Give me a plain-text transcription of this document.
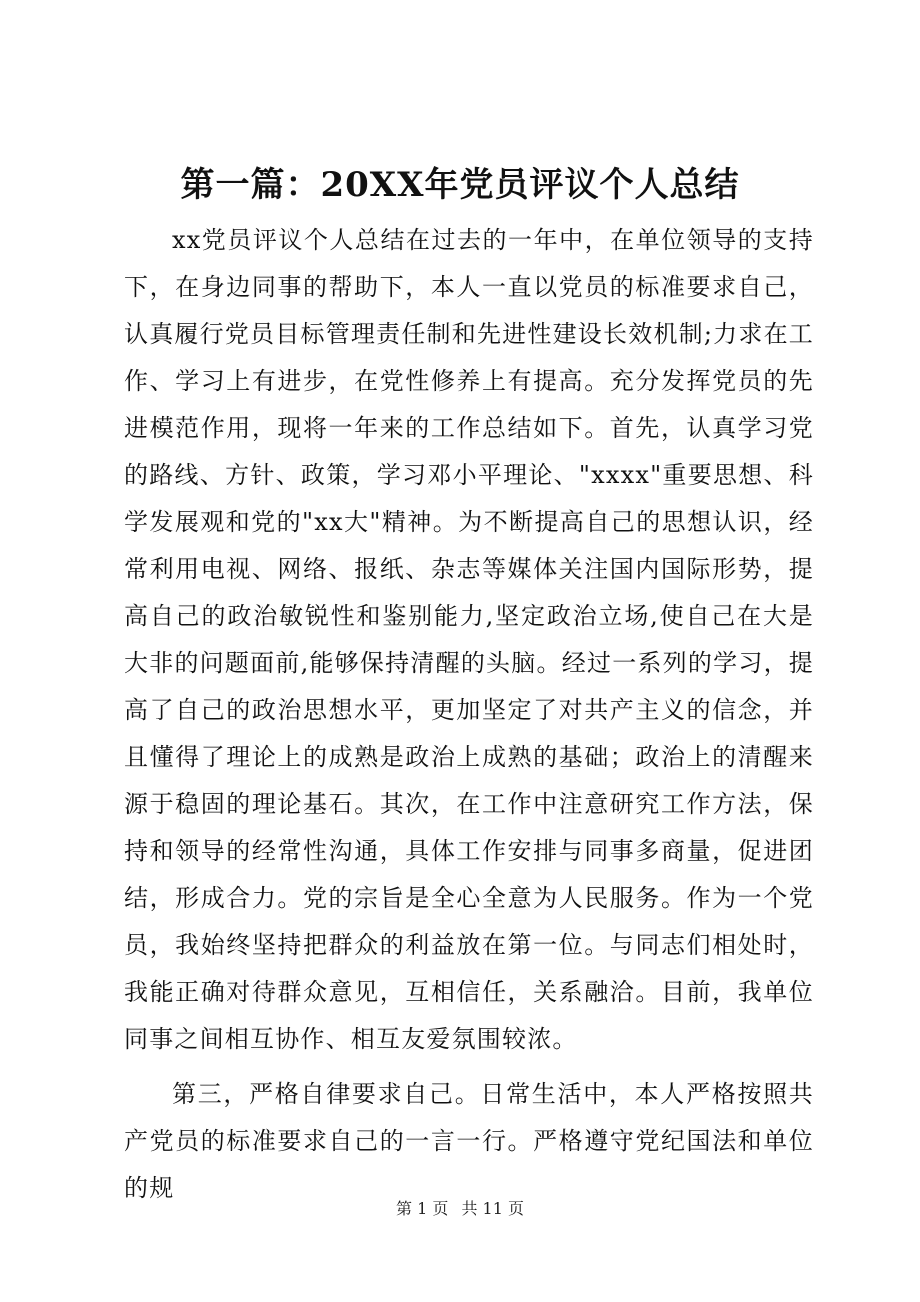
第一篇：20XX年党员评议个人总结

xx党员评议个人总结在过去的一年中，在单位领导的支持下，在身边同事的帮助下，本人一直以党员的标准要求自己，认真履行党员目标管理责任制和先进性建设长效机制;力求在工作、学习上有进步，在党性修养上有提高。充分发挥党员的先进模范作用，现将一年来的工作总结如下。首先，认真学习党的路线、方针、政策，学习邓小平理论、"xxxx"重要思想、科学发展观和党的"xx大"精神。为不断提高自己的思想认识，经常利用电视、网络、报纸、杂志等媒体关注国内国际形势，提高自己的政治敏锐性和鉴别能力,坚定政治立场,使自己在大是大非的问题面前,能够保持清醒的头脑。经过一系列的学习，提高了自己的政治思想水平，更加坚定了对共产主义的信念，并且懂得了理论上的成熟是政治上成熟的基础；政治上的清醒来源于稳固的理论基石。其次，在工作中注意研究工作方法，保持和领导的经常性沟通，具体工作安排与同事多商量，促进团结，形成合力。党的宗旨是全心全意为人民服务。作为一个党员，我始终坚持把群众的利益放在第一位。与同志们相处时，我能正确对待群众意见，互相信任，关系融洽。目前，我单位同事之间相互协作、相互友爱氛围较浓。

第三，严格自律要求自己。日常生活中，本人严格按照共产党员的标准要求自己的一言一行。严格遵守党纪国法和单位的规

第 1 页 共 11 页
